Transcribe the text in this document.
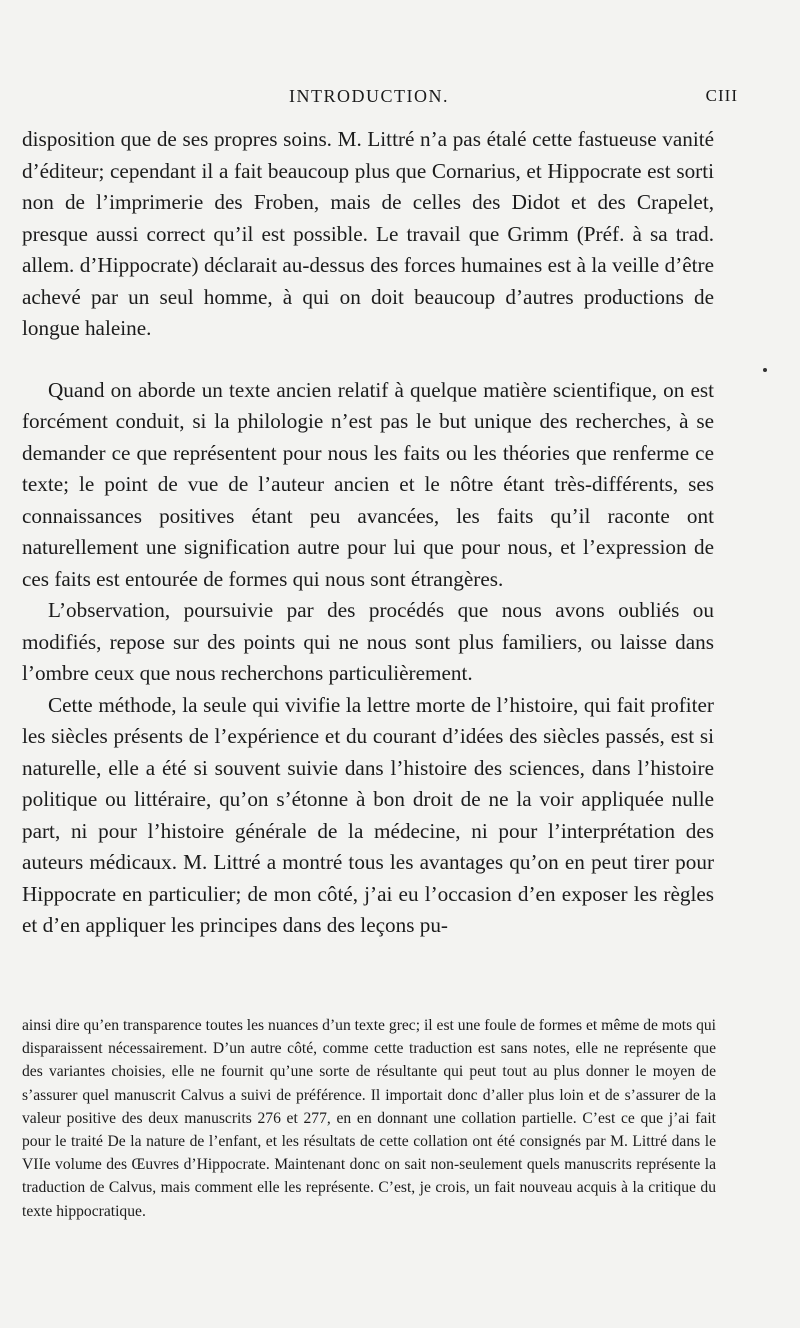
INTRODUCTION.	CIII

disposition que de ses propres soins. M. Littré n’a pas étalé cette fastueuse vanité d’éditeur; cependant il a fait beaucoup plus que Cornarius, et Hippocrate est sorti non de l’imprimerie des Froben, mais de celles des Didot et des Crapelet, presque aussi correct qu’il est possible. Le travail que Grimm (Préf. à sa trad. allem. d’Hippocrate) déclarait au-dessus des forces humaines est à la veille d’être achevé par un seul homme, à qui on doit beaucoup d’autres productions de longue haleine.

Quand on aborde un texte ancien relatif à quelque matière scientifique, on est forcément conduit, si la philologie n’est pas le but unique des recherches, à se demander ce que représentent pour nous les faits ou les théories que renferme ce texte; le point de vue de l’auteur ancien et le nôtre étant très-différents, ses connaissances positives étant peu avancées, les faits qu’il raconte ont naturellement une signification autre pour lui que pour nous, et l’expression de ces faits est entourée de formes qui nous sont étrangères.

L’observation, poursuivie par des procédés que nous avons oubliés ou modifiés, repose sur des points qui ne nous sont plus familiers, ou laisse dans l’ombre ceux que nous recherchons particulièrement.

Cette méthode, la seule qui vivifie la lettre morte de l’histoire, qui fait profiter les siècles présents de l’expérience et du courant d’idées des siècles passés, est si naturelle, elle a été si souvent suivie dans l’histoire des sciences, dans l’histoire politique ou littéraire, qu’on s’étonne à bon droit de ne la voir appliquée nulle part, ni pour l’histoire générale de la médecine, ni pour l’interprétation des auteurs médicaux. M. Littré a montré tous les avantages qu’on en peut tirer pour Hippocrate en particulier; de mon côté, j’ai eu l’occasion d’en exposer les règles et d’en appliquer les principes dans des leçons pu-

ainsi dire qu’en transparence toutes les nuances d’un texte grec; il est une foule de formes et même de mots qui disparaissent nécessairement. D’un autre côté, comme cette traduction est sans notes, elle ne représente que des variantes choisies, elle ne fournit qu’une sorte de résultante qui peut tout au plus donner le moyen de s’assurer quel manuscrit Calvus a suivi de préférence. Il importait donc d’aller plus loin et de s’assurer de la valeur positive des deux manuscrits 276 et 277, en en donnant une collation partielle. C’est ce que j’ai fait pour le traité De la nature de l’enfant, et les résultats de cette collation ont été consignés par M. Littré dans le VIIe volume des Œuvres d’Hippocrate. Maintenant donc on sait non-seulement quels manuscrits représente la traduction de Calvus, mais comment elle les représente. C’est, je crois, un fait nouveau acquis à la critique du texte hippocratique.
